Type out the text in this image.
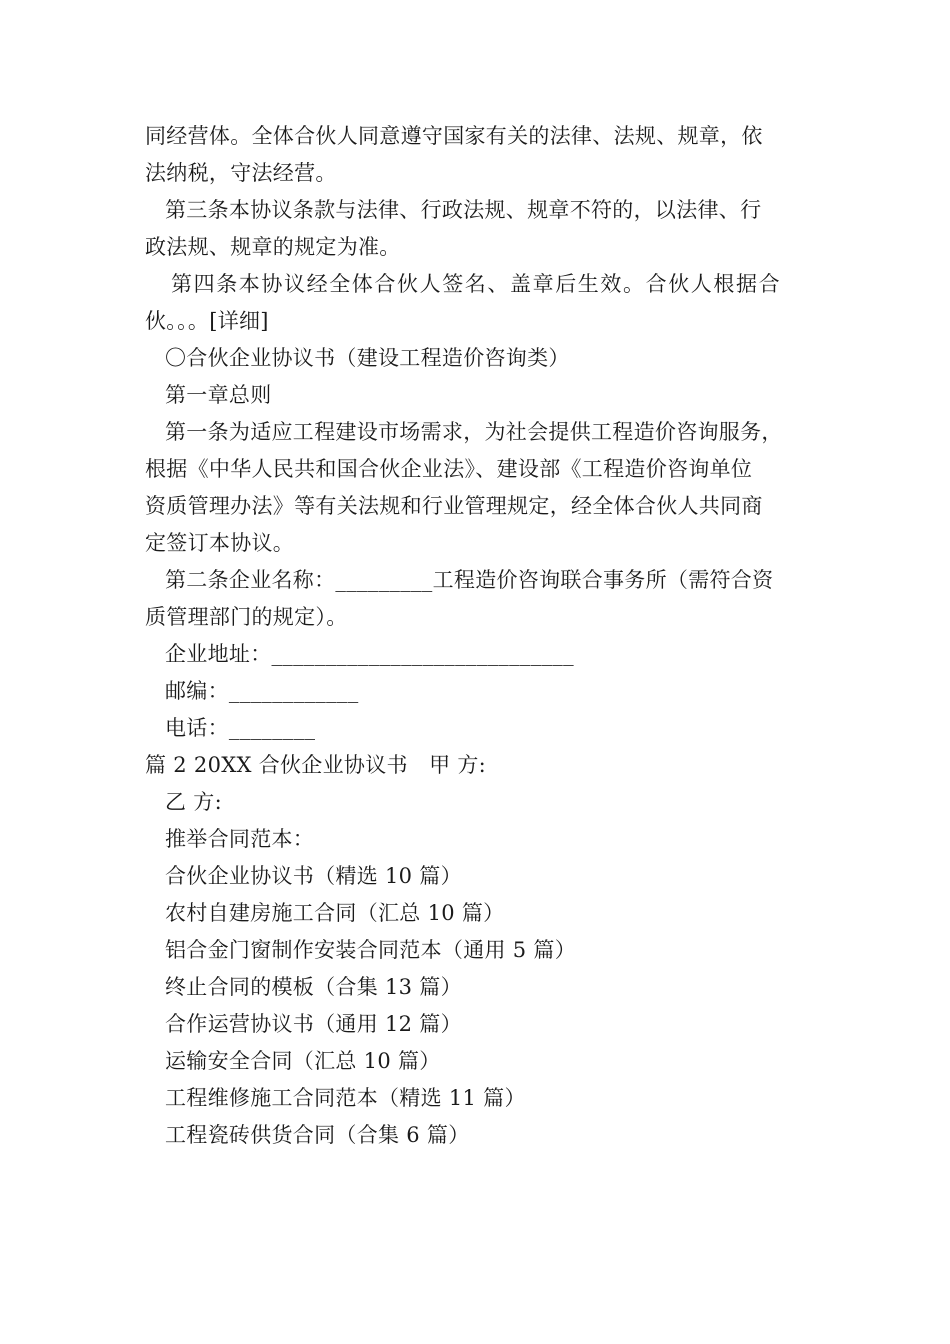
同经营体。全体合伙人同意遵守国家有关的法律、法规、规章，依
法纳税，守法经营。
第三条本协议条款与法律、行政法规、规章不符的，以法律、行
政法规、规章的规定为准。
第四条本协议经全体合伙人签名、盖章后生效。合伙人根据合
伙。。。[详细]
〇合伙企业协议书（建设工程造价咨询类）
第一章总则
第一条为适应工程建设市场需求，为社会提供工程造价咨询服务，
根据《中华人民共和国合伙企业法》、建设部《工程造价咨询单位
资质管理办法》等有关法规和行业管理规定，经全体合伙人共同商
定签订本协议。
第二条企业名称：_________工程造价咨询联合事务所（需符合资
质管理部门的规定）。
企业地址：____________________________
邮编：____________
电话：________
篇 2 20XX 合伙企业协议书　甲 方:
乙 方:
推举合同范本：
合伙企业协议书（精选 10 篇）
农村自建房施工合同（汇总 10 篇）
铝合金门窗制作安装合同范本（通用 5 篇）
终止合同的模板（合集 13 篇）
合作运营协议书（通用 12 篇）
运输安全合同（汇总 10 篇）
工程维修施工合同范本（精选 11 篇）
工程瓷砖供货合同（合集 6 篇）
